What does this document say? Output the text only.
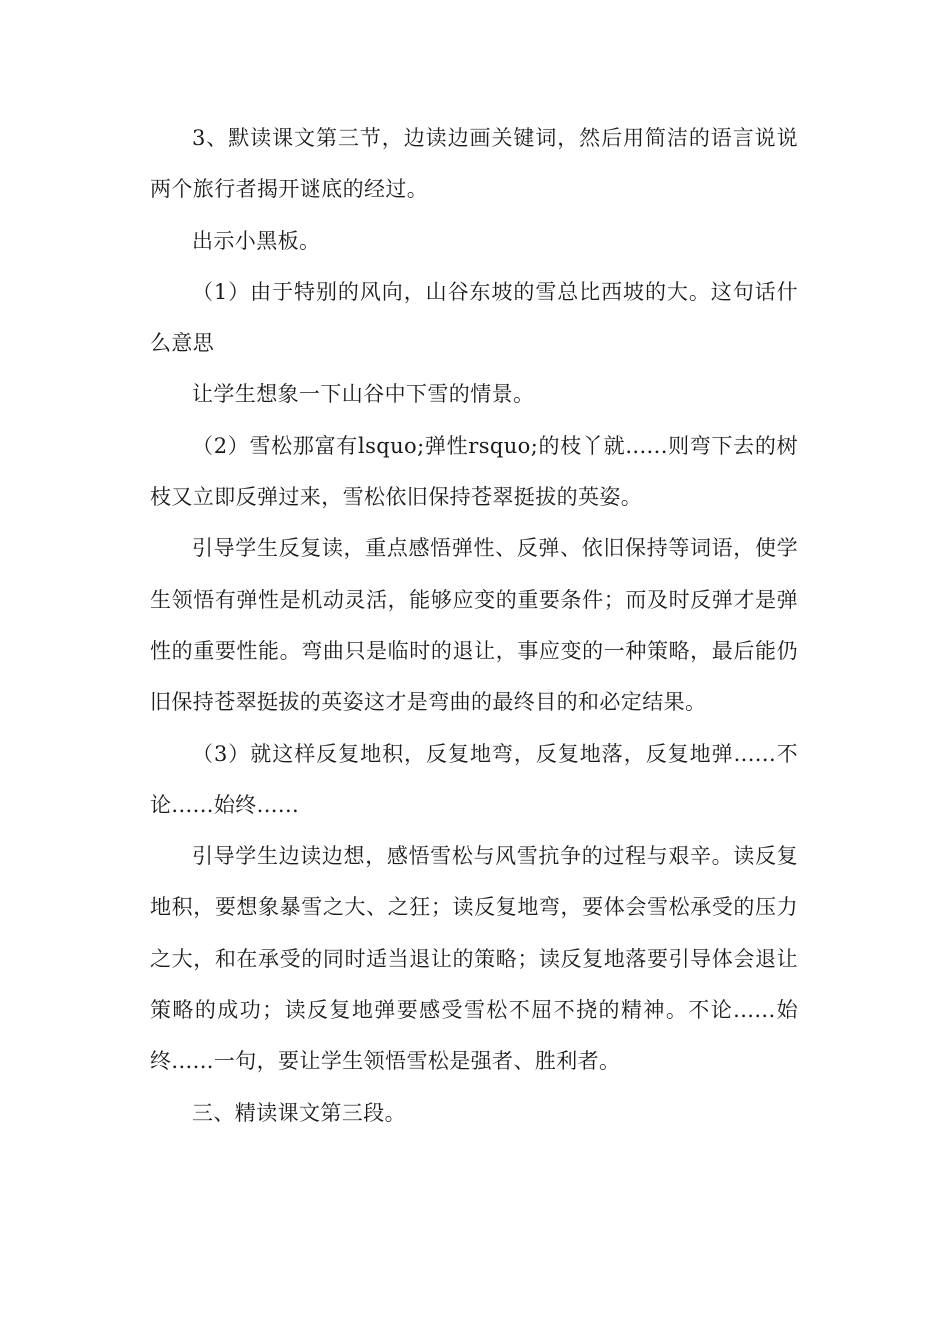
3、默读课文第三节，边读边画关键词，然后用简洁的语言说说两个旅行者揭开谜底的经过。

出示小黑板。

（1）由于特别的风向，山谷东坡的雪总比西坡的大。这句话什么意思

让学生想象一下山谷中下雪的情景。

（2）雪松那富有lsquo;弹性rsquo;的枝丫就......则弯下去的树枝又立即反弹过来，雪松依旧保持苍翠挺拔的英姿。

引导学生反复读，重点感悟弹性、反弹、依旧保持等词语，使学生领悟有弹性是机动灵活，能够应变的重要条件；而及时反弹才是弹性的重要性能。弯曲只是临时的退让，事应变的一种策略，最后能仍旧保持苍翠挺拔的英姿这才是弯曲的最终目的和必定结果。

（3）就这样反复地积，反复地弯，反复地落，反复地弹......不论......始终......

引导学生边读边想，感悟雪松与风雪抗争的过程与艰辛。读反复地积，要想象暴雪之大、之狂；读反复地弯，要体会雪松承受的压力之大，和在承受的同时适当退让的策略；读反复地落要引导体会退让策略的成功；读反复地弹要感受雪松不屈不挠的精神。不论......始终......一句，要让学生领悟雪松是强者、胜利者。

三、精读课文第三段。
